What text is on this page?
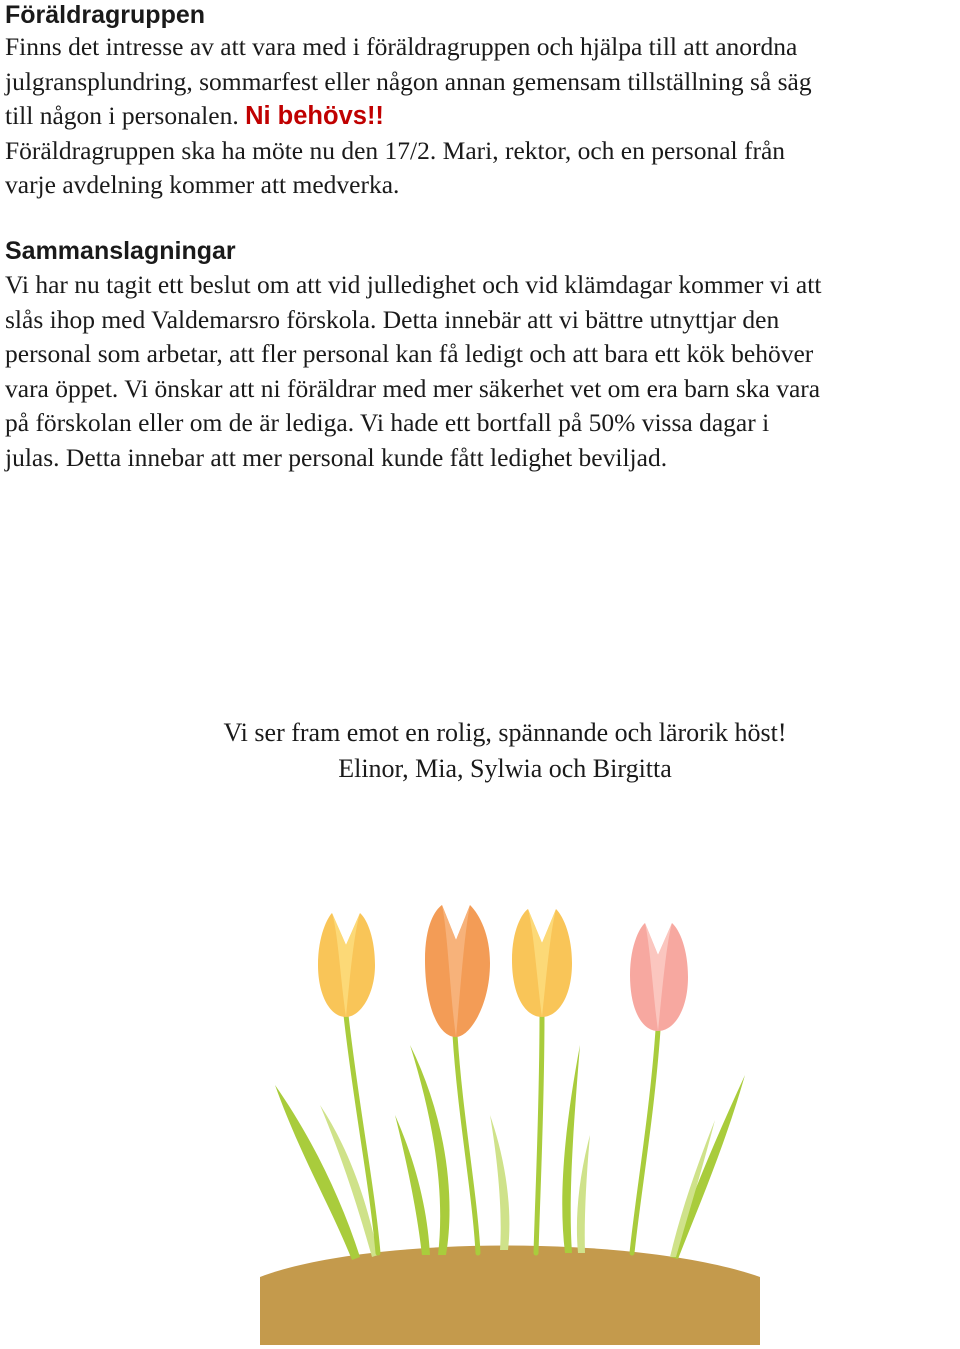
Föräldragruppen

Finns det intresse av att vara med i föräldragruppen och hjälpa till att anordna
julgransplundring, sommarfest eller någon annan gemensam tillställning så säg
till någon i personalen. Ni behövs!!

Föräldragruppen ska ha möte nu den 17/2. Mari, rektor, och en personal från
varje avdelning kommer att medverka.

Sammanslagningar

Vi har nu tagit ett beslut om att vid julledighet och vid klämdagar kommer vi att
slås ihop med Valdemarsro förskola. Detta innebär att vi bättre utnyttjar den
personal som arbetar, att fler personal kan få ledigt och att bara ett kök behöver
vara öppet. Vi önskar att ni föräldrar med mer säkerhet vet om era barn ska vara
på förskolan eller om de är lediga. Vi hade ett bortfall på 50% vissa dagar i
julas. Detta innebar att mer personal kunde fått ledighet beviljad.

Vi ser fram emot en rolig, spännande och lärorik höst!
Elinor, Mia, Sylwia och Birgitta
